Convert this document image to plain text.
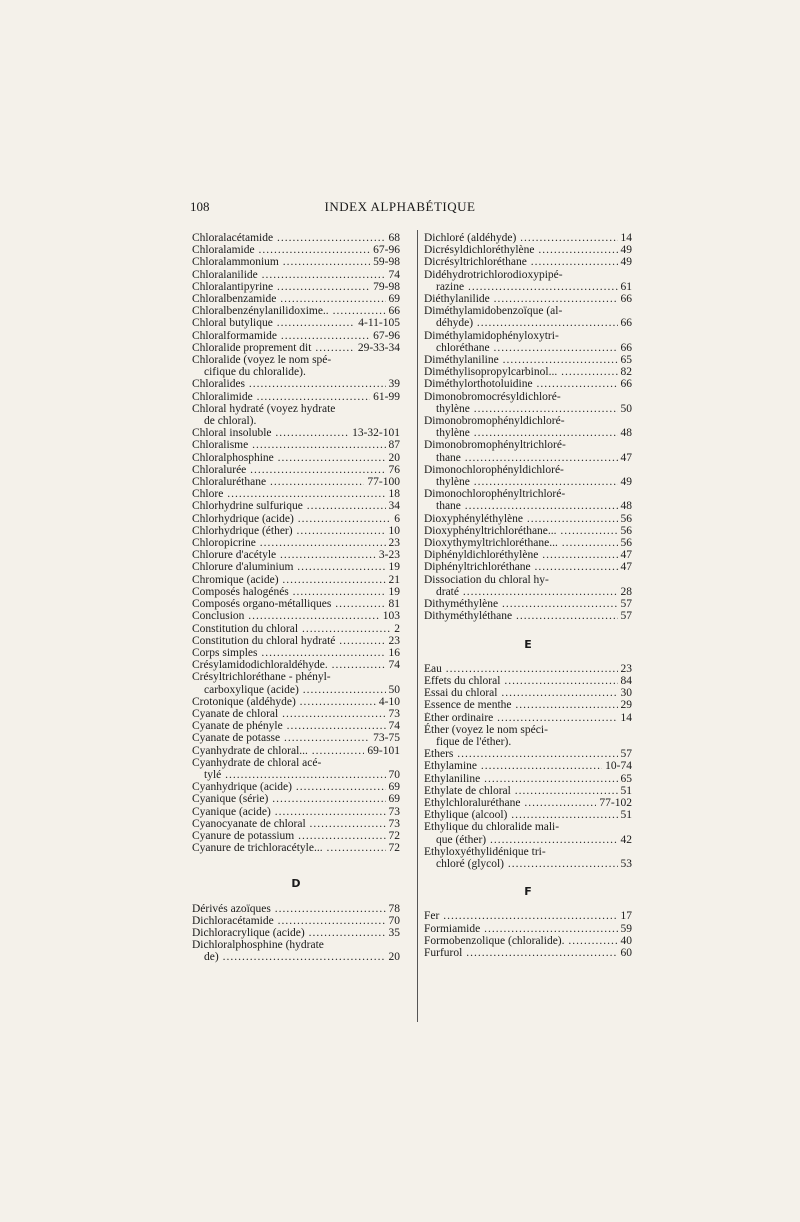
108	INDEX ALPHABÉTIQUE
Chloralacétamide .....	68
Chloralamide .....	67-96
Chloralammonium .....	59-98
Chloralanilide .....	74
Chloralantipyrine .....	79-98
Chloralbenzamide .....	69
Chloralbenzénylanilidoxime.. .....	66
Chloral butylique .....	4-11-105
Chloralformamide .....	67-96
Chloralide proprement dit .....	29-33-34
Chloralide (voyez le nom spé-
cifique du chloralide).
Chloralides .....	39
Chloralimide .....	61-99
Chloral hydraté (voyez hydrate
de chloral).
Chloral insoluble .....	13-32-101
Chloralisme .....	87
Chloralphosphine .....	20
Chloralurée .....	76
Chloraluréthane .....	77-100
Chlore .....	18
Chlorhydrine sulfurique .....	34
Chlorhydrique (acide) .....	6
Chlorhydrique (éther) .....	10
Chloropicrine .....	23
Chlorure d'acétyle .....	3-23
Chlorure d'aluminium .....	19
Chromique (acide) .....	21
Composés halogénés .....	19
Composés organo-métalliques .....	81
Conclusion .....	103
Constitution du chloral .....	2
Constitution du chloral hydraté .....	23
Corps simples .....	16
Crésylamidodichloraldéhyde. .....	74
Crésyltrichloréthane - phényl-
carboxylique (acide) .....	50
Crotonique (aldéhyde) .....	4-10
Cyanate de chloral .....	73
Cyanate de phényle .....	74
Cyanate de potasse .....	73-75
Cyanhydrate de chloral... .....	69-101
Cyanhydrate de chloral acé-
tylé .....	70
Cyanhydrique (acide) .....	69
Cyanique (série) .....	69
Cyanique (acide) .....	73
Cyanocyanate de chloral .....	73
Cyanure de potassium .....	72
Cyanure de trichloracétyle... .....	72
D
Dérivés azoïques .....	78
Dichloracétamide .....	70
Dichloracrylique (acide) .....	35
Dichloralphosphine (hydrate
de) .....	20
Dichloré (aldéhyde) .....	14
Dicrésyldichloréthylène .....	49
Dicrésyltrichloréthane .....	49
Didéhydrotrichlorodioxypipé-
razine .....	61
Diéthylanilide .....	66
Diméthylamidobenzoïque (al-
déhyde) .....	66
Diméthylamidophényloxytri-
chloréthane .....	66
Diméthylaniline .....	65
Diméthylisopropylcarbinol... .....	82
Diméthylorthotoluidine .....	66
Dimonobromocrésyldichloré-
thylène .....	50
Dimonobromophényldichloré-
thylène .....	48
Dimonobromophényltrichloré-
thane .....	47
Dimonochlorophényldichloré-
thylène .....	49
Dimonochlorophényltrichloré-
thane .....	48
Dioxyphényléthylène .....	56
Dioxyphényltrichloréthane... .....	56
Dioxythymyltrichloréthane... .....	56
Diphényldichloréthylène .....	47
Diphényltrichloréthane .....	47
Dissociation du chloral hy-
draté .....	28
Dithyméthylène .....	57
Dithyméthyléthane .....	57
E
Eau .....	23
Effets du chloral .....	84
Essai du chloral .....	30
Essence de menthe .....	29
Éther ordinaire .....	14
Éther (voyez le nom spéci-
fique de l'éther).
Ethers .....	57
Ethylamine .....	10-74
Ethylaniline .....	65
Ethylate de chloral .....	51
Ethylchloraluréthane .....	77-102
Ethylique (alcool) .....	51
Ethylique du chloralide mali-
que (éther) .....	42
Ethyloxyéthylidénique tri-
chloré (glycol) .....	53
F
Fer .....	17
Formiamide .....	59
Formobenzolique (chloralide). .....	40
Furfurol .....	60
